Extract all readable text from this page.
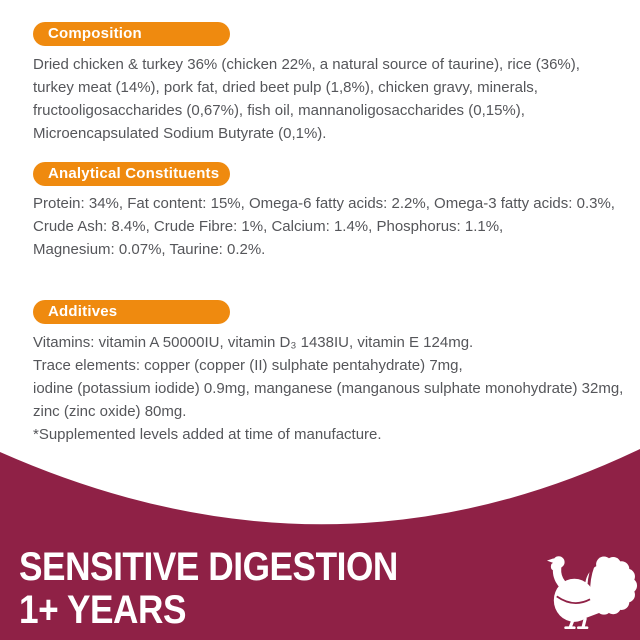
Composition
Dried chicken & turkey 36% (chicken 22%, a natural source of taurine), rice (36%),
turkey meat (14%), pork fat, dried beet pulp (1,8%), chicken gravy, minerals,
fructooligosaccharides (0,67%), fish oil, mannanoligosaccharides (0,15%),
Microencapsulated Sodium Butyrate (0,1%).
Analytical Constituents
Protein: 34%, Fat content: 15%, Omega-6 fatty acids: 2.2%, Omega-3 fatty acids: 0.3%,
Crude Ash: 8.4%, Crude Fibre: 1%, Calcium: 1.4%, Phosphorus: 1.1%,
Magnesium: 0.07%, Taurine: 0.2%.
Additives
Vitamins: vitamin A 50000IU, vitamin D₃ 1438IU, vitamin E 124mg.
Trace elements: copper (copper (II) sulphate pentahydrate) 7mg,
iodine (potassium iodide) 0.9mg, manganese (manganous sulphate monohydrate) 32mg,
zinc (zinc oxide) 80mg.
*Supplemented levels added at time of manufacture.
SENSITIVE DIGESTION
1+ YEARS
